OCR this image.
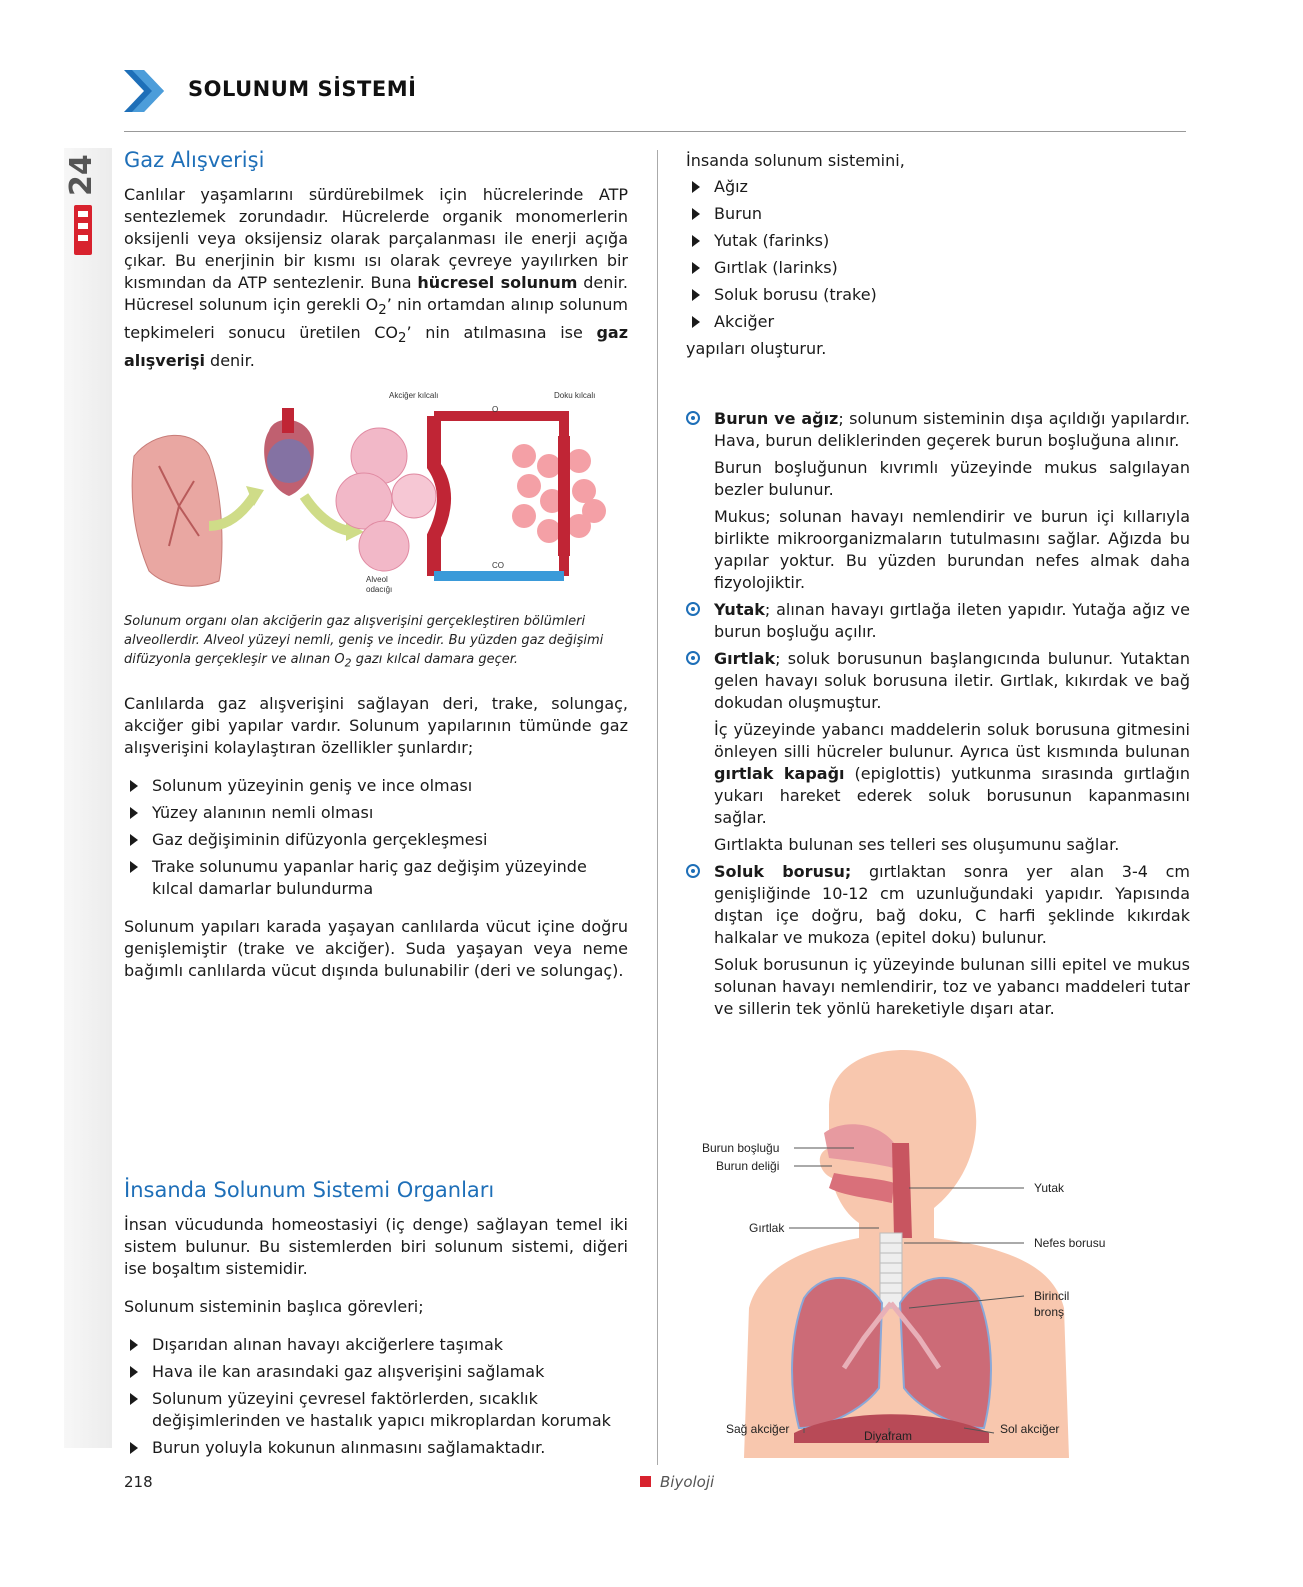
24
SOLUNUM SİSTEMİ
Gaz Alışverişi

Canlılar yaşamlarını sürdürebilmek için hücrelerinde ATP sentezlemek zorundadır. Hücrelerde organik monomerlerin oksijenli veya oksijensiz olarak parçalanması ile enerji açığa çıkar. Bu enerjinin bir kısmı ısı olarak çevreye yayılırken bir kısmından da ATP sentezlenir. Buna hücresel solunum denir. Hücresel solunum için gerekli $O_2$’ nin ortamdan alınıp solunum tepkimeleri sonucu üretilen $CO_2$’ nin atılmasına ise gaz alışverişi denir.

Akciğer kılcalı	Doku kılcalı
O
CO
Alveol
odacığı

Solunum organı olan akciğerin gaz alışverişini gerçekleştiren bölümleri alveollerdir. Alveol yüzeyi nemli, geniş ve incedir. Bu yüzden gaz değişimi difüzyonla gerçekleşir ve alınan $O_2$ gazı kılcal damara geçer.

Canlılarda gaz alışverişini sağlayan deri, trake, solungaç, akciğer gibi yapılar vardır. Solunum yapılarının tümünde gaz alışverişini kolaylaştıran özellikler şunlardır;

Solunum yüzeyinin geniş ve ince olması
Yüzey alanının nemli olması
Gaz değişiminin difüzyonla gerçekleşmesi
Trake solunumu yapanlar hariç gaz değişim yüzeyinde kılcal damarlar bulundurma

Solunum yapıları karada yaşayan canlılarda vücut içine doğru genişlemiştir (trake ve akciğer). Suda yaşayan veya neme bağımlı canlılarda vücut dışında bulunabilir (deri ve solungaç).

İnsanda Solunum Sistemi Organları

İnsan vücudunda homeostasiyi (iç denge) sağlayan temel iki sistem bulunur. Bu sistemlerden biri solunum sistemi, diğeri ise boşaltım sistemidir.

Solunum sisteminin başlıca görevleri;

Dışarıdan alınan havayı akciğerlere taşımak
Hava ile kan arasındaki gaz alışverişini sağlamak
Solunum yüzeyini çevresel faktörlerden, sıcaklık değişimlerinden ve hastalık yapıcı mikroplardan korumak
Burun yoluyla kokunun alınmasını sağlamaktadır.

İnsanda solunum sistemini,

Ağız
Burun
Yutak (farinks)
Gırtlak (larinks)
Soluk borusu (trake)
Akciğer

yapıları oluşturur.

Burun ve ağız; solunum sisteminin dışa açıldığı yapılardır. Hava, burun deliklerinden geçerek burun boşluğuna alınır.

Burun boşluğunun kıvrımlı yüzeyinde mukus salgılayan bezler bulunur.

Mukus; solunan havayı nemlendirir ve burun içi kıllarıyla birlikte mikroorganizmaların tutulmasını sağlar. Ağızda bu yapılar yoktur. Bu yüzden burundan nefes almak daha fizyolojiktir.

Yutak; alınan havayı gırtlağa ileten yapıdır. Yutağa ağız ve burun boşluğu açılır.
Gırtlak; soluk borusunun başlangıcında bulunur. Yutaktan gelen havayı soluk borusuna iletir. Gırtlak, kıkırdak ve bağ dokudan oluşmuştur.

İç yüzeyinde yabancı maddelerin soluk borusuna gitmesini önleyen silli hücreler bulunur. Ayrıca üst kısmında bulunan gırtlak kapağı (epiglottis) yutkunma sırasında gırtlağın yukarı hareket ederek soluk borusunun kapanmasını sağlar.

Gırtlakta bulunan ses telleri ses oluşumunu sağlar.

Soluk borusu; gırtlaktan sonra yer alan 3-4 cm genişliğinde 10-12 cm uzunluğundaki yapıdır. Yapısında dıştan içe doğru, bağ doku, C harfi şeklinde kıkırdak halkalar ve mukoza (epitel doku) bulunur.

Soluk borusunun iç yüzeyinde bulunan silli epitel ve mukus solunan havayı nemlendirir, toz ve yabancı maddeleri tutar ve sillerin tek yönlü hareketiyle dışarı atar.

Burun boşluğu
Burun deliği
Gırtlak
Yutak
Nefes borusu
Birincil
bronş
Sağ akciğer	Diyafram	Sol akciğer
218	Biyoloji
